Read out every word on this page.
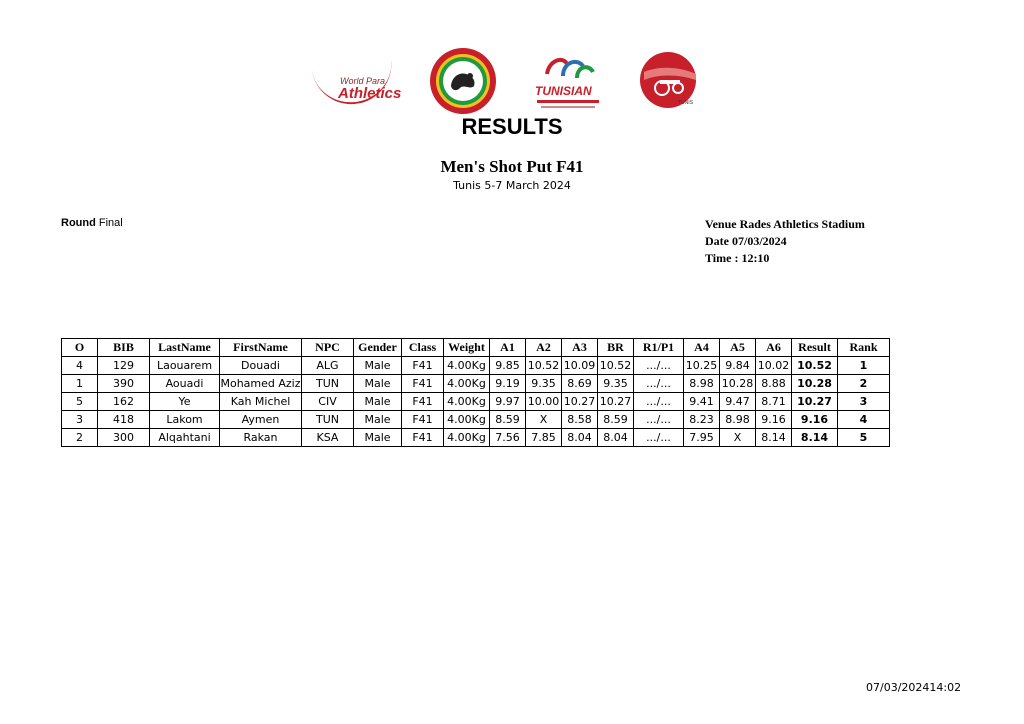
World Para
Athletics	TUNISIAN
TUNIS
RESULTS
Men's Shot Put F41
Tunis 5-7 March 2024
Round Final	Venue Rades Athletics Stadium
Date 07/03/2024
Time : 12:10
O	BIB	LastName	FirstName	NPC	Gender	Class	Weight	A1	A2	A3	BR	R1/P1	A4	A5	A6	Result	Rank
4	129	Laouarem	Douadi	ALG	Male	F41	4.00Kg	9.85	10.52	10.09	10.52	.../...	10.25	9.84	10.02	10.52	1
1	390	Aouadi	Mohamed Aziz	TUN	Male	F41	4.00Kg	9.19	9.35	8.69	9.35	.../...	8.98	10.28	8.88	10.28	2
5	162	Ye	Kah Michel	CIV	Male	F41	4.00Kg	9.97	10.00	10.27	10.27	.../...	9.41	9.47	8.71	10.27	3
3	418	Lakom	Aymen	TUN	Male	F41	4.00Kg	8.59	X	8.58	8.59	.../...	8.23	8.98	9.16	9.16	4
2	300	Alqahtani	Rakan	KSA	Male	F41	4.00Kg	7.56	7.85	8.04	8.04	.../...	7.95	X	8.14	8.14	5
07/03/202414:02
